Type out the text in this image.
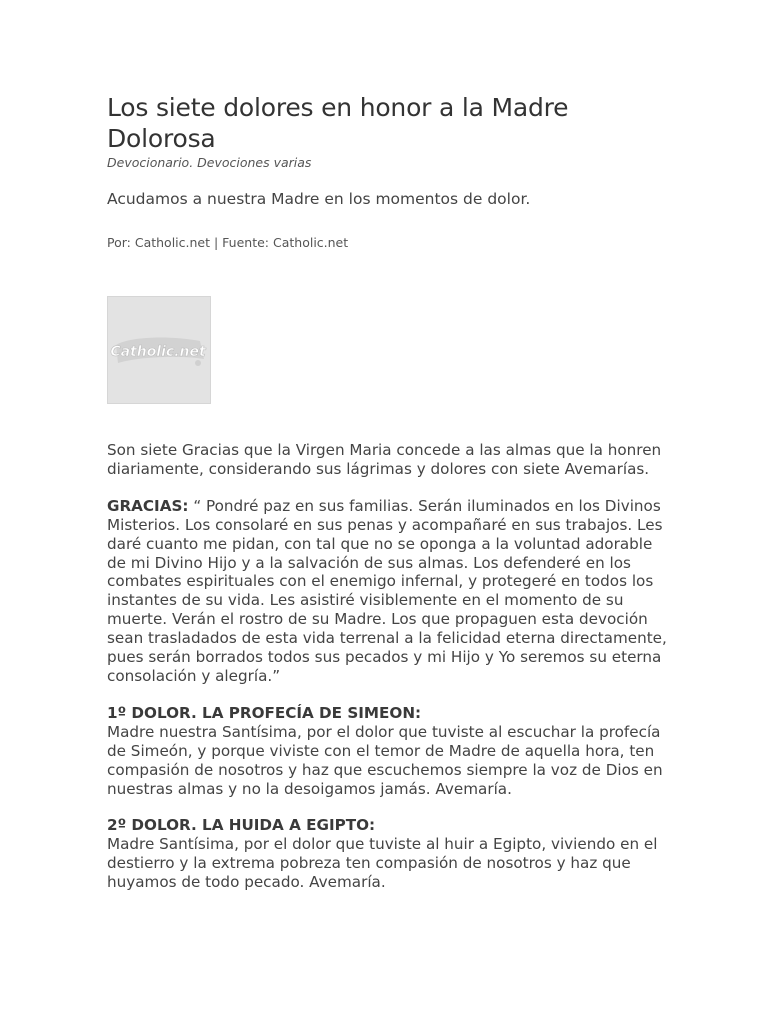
Los siete dolores en honor a la Madre Dolorosa
Devocionario. Devociones varias
Acudamos a nuestra Madre en los momentos de dolor.
Por: Catholic.net | Fuente: Catholic.net
Catholic.net
Son siete Gracias que la Virgen Maria concede a las almas que la honren diariamente, considerando sus lágrimas y dolores con siete Avemarías.
GRACIAS: “ Pondré paz en sus familias. Serán iluminados en los Divinos Misterios. Los consolaré en sus penas y acompañaré en sus trabajos. Les daré cuanto me pidan, con tal que no se oponga a la voluntad adorable de mi Divino Hijo y a la salvación de sus almas. Los defenderé en los combates espirituales con el enemigo infernal, y protegeré en todos los instantes de su vida. Les asistiré visiblemente en el momento de su muerte. Verán el rostro de su Madre. Los que propaguen esta devoción sean trasladados de esta vida terrenal a la felicidad eterna directamente, pues serán borrados todos sus pecados y mi Hijo y Yo seremos su eterna consolación y alegría.”
1º DOLOR. LA PROFECÍA DE SIMEON:
Madre nuestra Santísima, por el dolor que tuviste al escuchar la profecía de Simeón, y porque viviste con el temor de Madre de aquella hora, ten compasión de nosotros y haz que escuchemos siempre la voz de Dios en nuestras almas y no la desoigamos jamás. Avemaría.
2º DOLOR. LA HUIDA A EGIPTO:
Madre Santísima, por el dolor que tuviste al huir a Egipto, viviendo en el destierro y la extrema pobreza ten compasión de nosotros y haz que huyamos de todo pecado. Avemaría.
